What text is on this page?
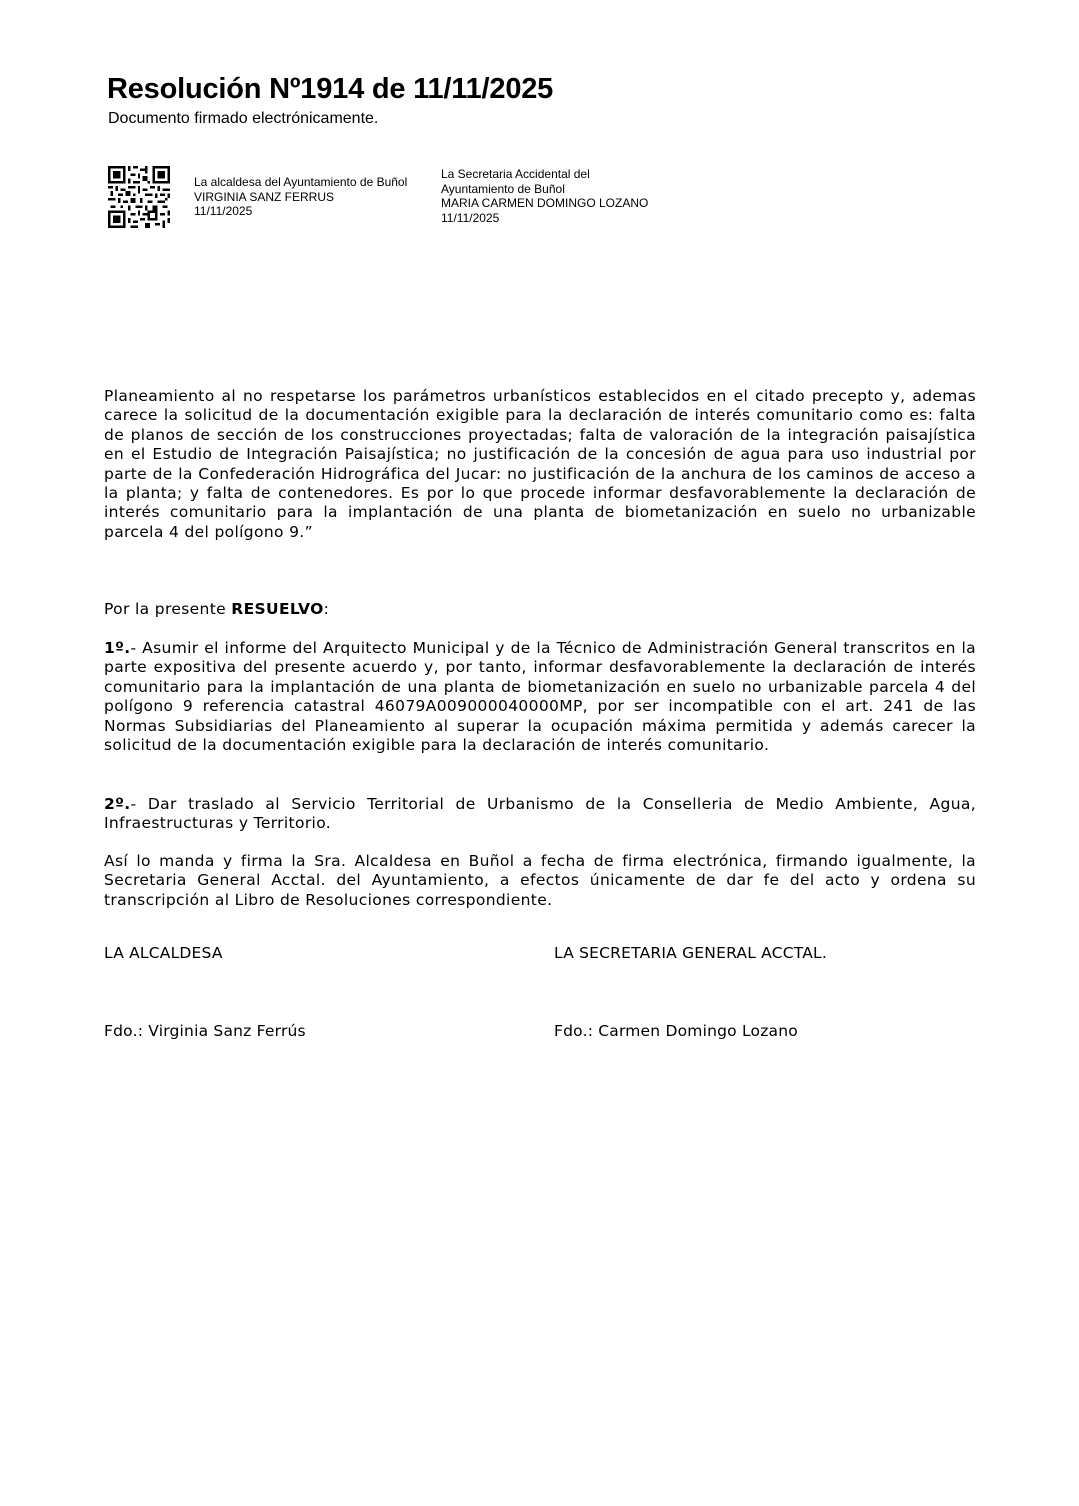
Resolución Nº1914 de 11/11/2025

Documento firmado electrónicamente.

La alcaldesa del Ayuntamiento de Buñol
VIRGINIA SANZ FERRUS
11/11/2025
La Secretaria Accidental del
Ayuntamiento de Buñol
MARIA CARMEN DOMINGO LOZANO
11/11/2025

Planeamiento al no respetarse los parámetros urbanísticos establecidos en el citado precepto y, ademas carece la solicitud de la documentación exigible para la declaración de interés comunitario como es: falta de planos de sección de los construcciones proyectadas; falta de valoración de la integración paisajística en el Estudio de Integración Paisajística; no justificación de la concesión de agua para uso industrial por parte de la Confederación Hidrográfica del Jucar: no justificación de la anchura de los caminos de acceso a la planta; y falta de contenedores. Es por lo que procede informar desfavorablemente la declaración de interés comunitario para la implantación de una planta de biometanización en suelo no urbanizable parcela 4 del polígono 9.”

Por la presente RESUELVO:

1º.- Asumir el informe del Arquitecto Municipal y de la Técnico de Administración General transcritos en la parte expositiva del presente acuerdo y, por tanto, informar desfavorablemente la declaración de interés comunitario para la implantación de una planta de biometanización en suelo no urbanizable parcela 4 del polígono 9 referencia catastral 46079A009000040000MP, por ser incompatible con el art. 241 de las Normas Subsidiarias del Planeamiento al superar la ocupación máxima permitida y además carecer la solicitud de la documentación exigible para la declaración de interés comunitario.

2º.- Dar traslado al Servicio Territorial de Urbanismo de la Conselleria de Medio Ambiente, Agua, Infraestructuras y Territorio.

Así lo manda y firma la Sra. Alcaldesa en Buñol a fecha de firma electrónica, firmando igualmente, la Secretaria General Acctal. del Ayuntamiento, a efectos únicamente de dar fe del acto y ordena su transcripción al Libro de Resoluciones correspondiente.

LA ALCALDESA	LA SECRETARIA GENERAL ACCTAL.
Fdo.: Virginia Sanz Ferrús	Fdo.: Carmen Domingo Lozano
